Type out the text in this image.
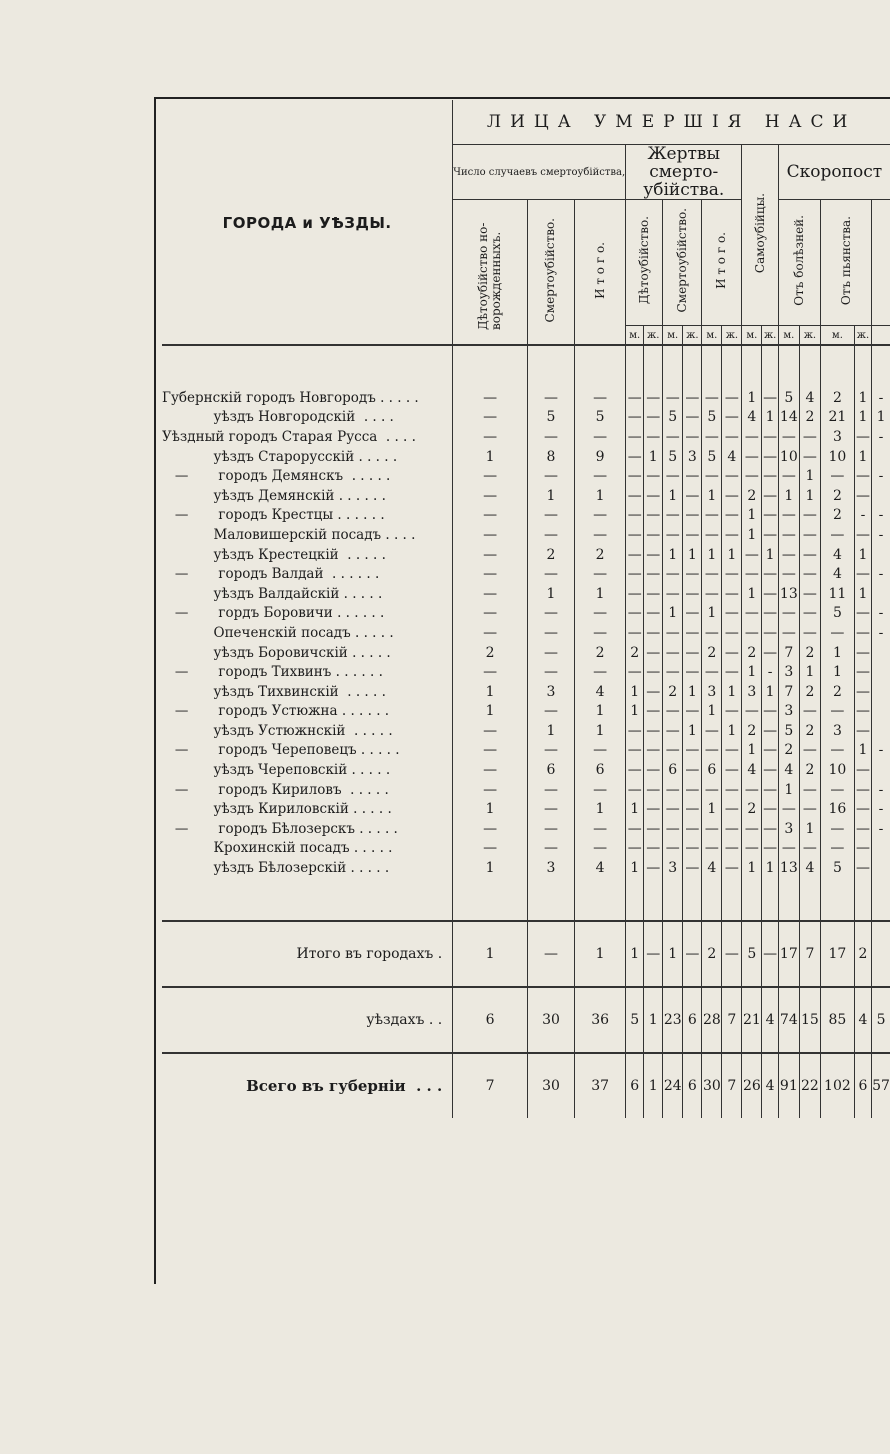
ГОРОДА и УѢЗДЫ.	ЛИЦА УМЕРШІЯ НАСИ															
	Число случаевъ смертоубійства,			Жертвы смерто-убійства.						Самоубійцы.		Скоропост				
	Дѣтоубійство но-ворожденныхъ.	Смертоубійство.	И т о г о.	Дѣтоубійство.		Смертоубійство.		И т о г о.				Отъ болѣзней.		Отъ пьянства.		
				м.	ж.	м.	ж.	м.	ж.	м.	ж.	м.	ж.	м.	ж.	

Губернскій городъ Новгородъ . . . . .	—	—	—	—	—	—	—	—	—	1	—	5	4	2	1	-
уѣздъ Новгородскій  . . . .	—	5	5	—	—	5	—	5	—	4	1	14	2	21	1	1
Уѣздный городъ Старая Русса  . . . .	—	—	—	—	—	—	—	—	—	—	—	—	—	3	—	-
уѣздъ Старорусскій . . . . .	1	8	9	—	1	5	3	5	4	—	—	10	—	10	1	
—       городъ Демянскъ  . . . . .	—	—	—	—	—	—	—	—	—	—	—	—	1	—	—	-
уѣздъ Демянскій . . . . . .	—	1	1	—	—	1	—	1	—	2	—	1	1	2	—	
—       городъ Крестцы . . . . . .	—	—	—	—	—	—	—	—	—	1	—	—	—	2	-	-
Маловишерскій посадъ . . . .	—	—	—	—	—	—	—	—	—	1	—	—	—	—	—	-
уѣздъ Крестецкій  . . . . .	—	2	2	—	—	1	1	1	1	—	1	—	—	4	1	
—       городъ Валдай  . . . . . .	—	—	—	—	—	—	—	—	—	—	—	—	—	4	—	-
уѣздъ Валдайскій . . . . .	—	1	1	—	—	—	—	—	—	1	—	13	—	11	1	
—       гордъ Боровичи . . . . . .	—	—	—	—	—	1	—	1	—	—	—	—	—	5	—	-
Опеченскій посадъ . . . . .	—	—	—	—	—	—	—	—	—	—	—	—	—	—	—	-
уѣздъ Боровичскій . . . . .	2	—	2	2	—	—	—	2	—	2	—	7	2	1	—	
—       городъ Тихвинъ . . . . . .	—	—	—	—	—	—	—	—	—	1	-	3	1	1	—	
уѣздъ Тихвинскій  . . . . .	1	3	4	1	—	2	1	3	1	3	1	7	2	2	—	
—       городъ Устюжна . . . . . .	1	—	1	1	—	—	—	1	—	—	—	3	—	—	—	
уѣздъ Устюжнскій  . . . . .	—	1	1	—	—	—	1	—	1	2	—	5	2	3	—	
—       городъ Череповецъ . . . . .	—	—	—	—	—	—	—	—	—	1	—	2	—	—	1	-
уѣздъ Череповскій . . . . .	—	6	6	—	—	6	—	6	—	4	—	4	2	10	—	
—       городъ Кириловъ  . . . . .	—	—	—	—	—	—	—	—	—	—	—	1	—	—	—	-
уѣздъ Кириловскій . . . . .	1	—	1	1	—	—	—	1	—	2	—	—	—	16	—	-
—       городъ Бѣлозерскъ . . . . .	—	—	—	—	—	—	—	—	—	—	—	3	1	—	—	-
Крохинскій посадъ . . . . .	—	—	—	—	—	—	—	—	—	—	—	—	—	—	—	
уѣздъ Бѣлозерскій . . . . .	1	3	4	1	—	3	—	4	—	1	1	13	4	5	—	

Итого въ городахъ .	1	—	1	1	—	1	—	2	—	5	—	17	7	17	2	
уѣздахъ . .	6	30	36	5	1	23	6	28	7	21	4	74	15	85	4	5
Всего въ губерніи  . . .	7	30	37	6	1	24	6	30	7	26	4	91	22	102	6	57
